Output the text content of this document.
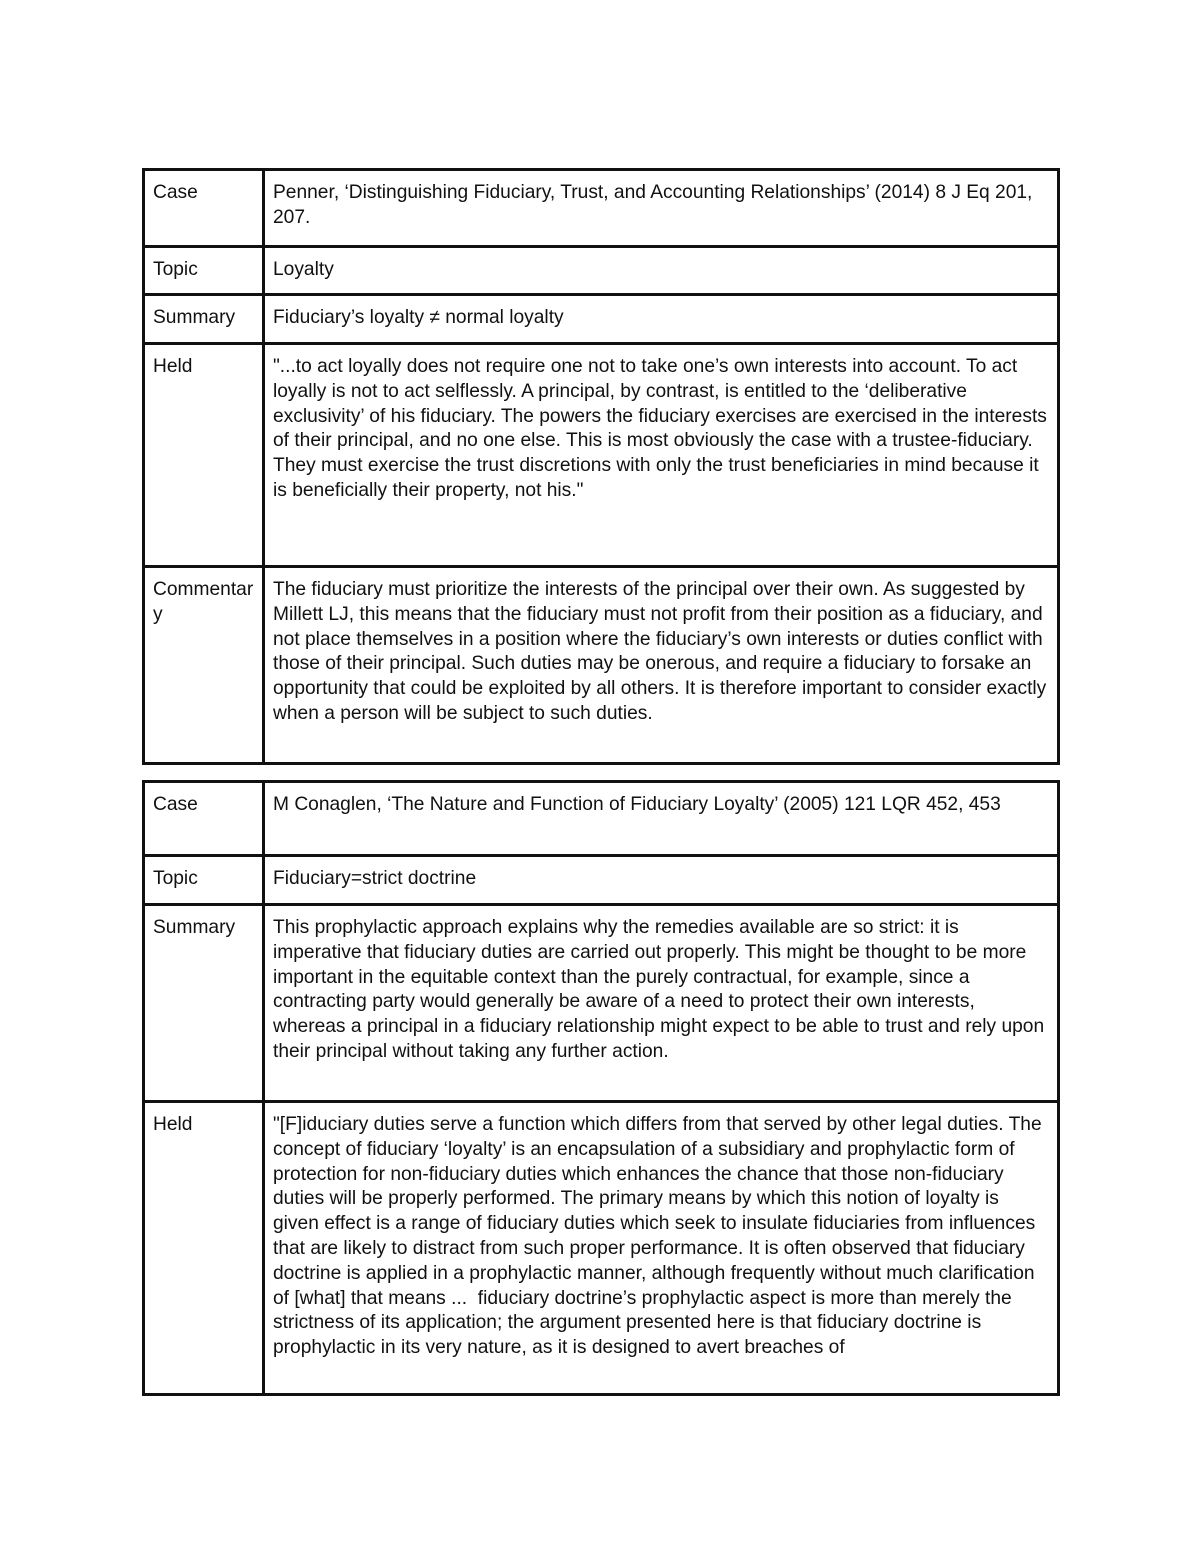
Case	Penner, ‘Distinguishing Fiduciary, Trust, and Accounting Relationships’ (2014) 8 J Eq 201, 207.
Topic	Loyalty
Summary	Fiduciary’s loyalty ≠ normal loyalty
Held	"...to act loyally does not require one not to take one’s own interests into account. To act loyally is not to act selflessly. A principal, by contrast, is entitled to the ‘deliberative exclusivity’ of his fiduciary. The powers the fiduciary exercises are exercised in the interests of their principal, and no one else. This is most obviously the case with a trustee-fiduciary. They must exercise the trust discretions with only the trust beneficiaries in mind because it is beneficially their property, not his."
Commentary	The fiduciary must prioritize the interests of the principal over their own. As suggested by Millett LJ, this means that the fiduciary must not profit from their position as a fiduciary, and not place themselves in a position where the fiduciary’s own interests or duties conflict with those of their principal. Such duties may be onerous, and require a fiduciary to forsake an opportunity that could be exploited by all others. It is therefore important to consider exactly when a person will be subject to such duties.
Case	M Conaglen, ‘The Nature and Function of Fiduciary Loyalty’ (2005) 121 LQR 452, 453
Topic	Fiduciary=strict doctrine
Summary	This prophylactic approach explains why the remedies available are so strict: it is imperative that fiduciary duties are carried out properly. This might be thought to be more important in the equitable context than the purely contractual, for example, since a contracting party would generally be aware of a need to protect their own interests, whereas a principal in a fiduciary relationship might expect to be able to trust and rely upon their principal without taking any further action.
Held	"[F]iduciary duties serve a function which differs from that served by other legal duties. The concept of fiduciary ‘loyalty’ is an encapsulation of a subsidiary and prophylactic form of protection for non-fiduciary duties which enhances the chance that those non-fiduciary duties will be properly performed. The primary means by which this notion of loyalty is given effect is a range of fiduciary duties which seek to insulate fiduciaries from influences that are likely to distract from such proper performance. It is often observed that fiduciary doctrine is applied in a prophylactic manner, although frequently without much clarification of [what] that means ...  fiduciary doctrine’s prophylactic aspect is more than merely the strictness of its application; the argument presented here is that fiduciary doctrine is prophylactic in its very nature, as it is designed to avert breaches of
